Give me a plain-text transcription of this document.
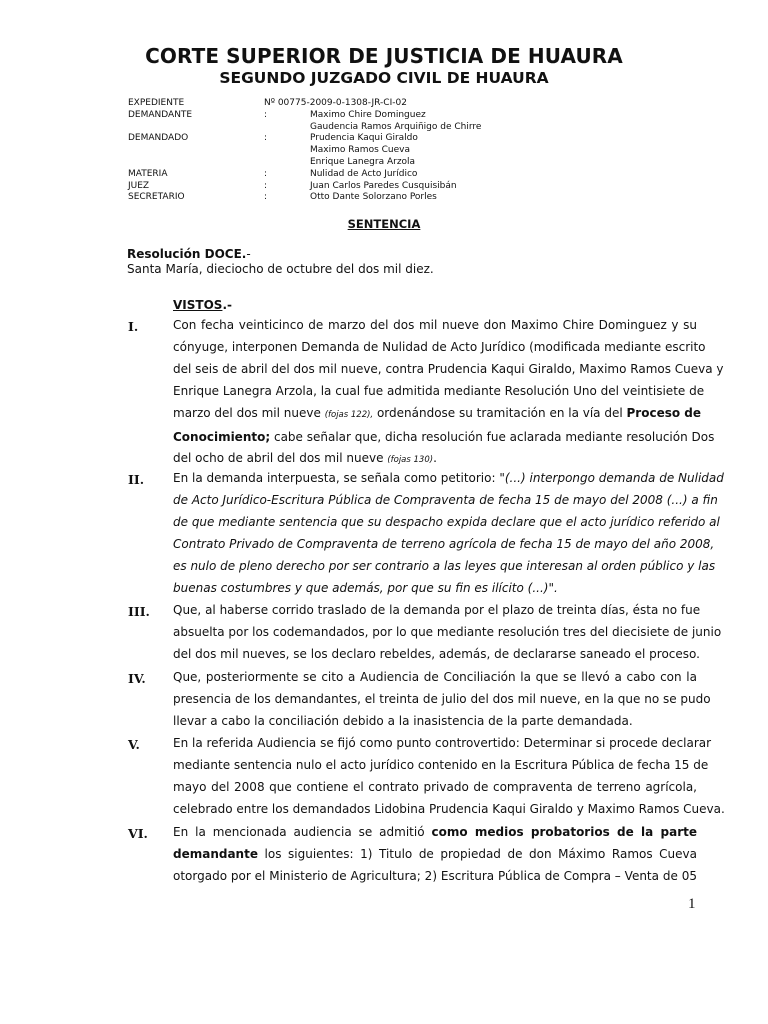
CORTE SUPERIOR DE JUSTICIA DE HUAURA
SEGUNDO JUZGADO CIVIL DE HUAURA
EXPEDIENTE	Nº 00775-2009-0-1308-JR-CI-02
DEMANDANTE	:	Maximo Chire Dominguez
Gaudencia Ramos Arquiñigo de Chirre
DEMANDADO	:	Prudencia Kaqui Giraldo
Maximo Ramos Cueva
Enrique Lanegra Arzola
MATERIA	:	Nulidad de Acto Jurídico
JUEZ	:	Juan Carlos Paredes Cusquisibán
SECRETARIO	:	Otto Dante Solorzano Porles
SENTENCIA
Resolución DOCE.-
Santa María, dieciocho de octubre del dos mil diez.
VISTOS.-
I.	Con fecha veinticinco de marzo del dos mil nueve don Maximo Chire Dominguez y su
cónyuge, interponen Demanda de Nulidad de Acto Jurídico (modificada mediante escrito
del seis de abril del dos mil nueve, contra Prudencia Kaqui Giraldo, Maximo Ramos Cueva y
Enrique Lanegra Arzola, la cual fue admitida mediante Resolución Uno del veintisiete de
marzo del dos mil nueve (fojas 122), ordenándose su tramitación en la vía del Proceso de
Conocimiento; cabe señalar que, dicha resolución fue aclarada mediante resolución Dos
del ocho de abril del dos mil nueve (fojas 130).
II. En la demanda interpuesta, se señala como petitorio: "(...) interpongo demanda de Nulidad
de Acto Jurídico-Escritura Pública de Compraventa de fecha 15 de mayo del 2008 (...) a fin
de que mediante sentencia que su despacho expida declare que el acto jurídico referido al
Contrato Privado de Compraventa de terreno agrícola de fecha 15 de mayo del año 2008,
es nulo de pleno derecho por ser contrario a las leyes que interesan al orden público y las
buenas costumbres y que además, por que su fin es ilícito (...)".
III. Que, al haberse corrido traslado de la demanda por el plazo de treinta días, ésta no fue
absuelta por los codemandados, por lo que mediante resolución tres del diecisiete de junio
del dos mil nueves, se los declaro rebeldes, además, de declararse saneado el proceso.
IV. Que, posteriormente se cito a Audiencia de Conciliación la que se llevó a cabo con la
presencia de los demandantes, el treinta de julio del dos mil nueve, en la que no se pudo
llevar a cabo la conciliación debido a la inasistencia de la parte demandada.
V.	En la referida Audiencia se fijó como punto controvertido: Determinar si procede declarar
mediante sentencia nulo el acto jurídico contenido en la Escritura Pública de fecha 15 de
mayo del 2008 que contiene el contrato privado de compraventa de terreno agrícola,
celebrado entre los demandados Lidobina Prudencia Kaqui Giraldo y Maximo Ramos Cueva.
VI. En la mencionada audiencia se admitió como medios probatorios de la parte
demandante los siguientes: 1) Titulo de propiedad de don Máximo Ramos Cueva
otorgado por el Ministerio de Agricultura; 2) Escritura Pública de Compra – Venta de 05
1
